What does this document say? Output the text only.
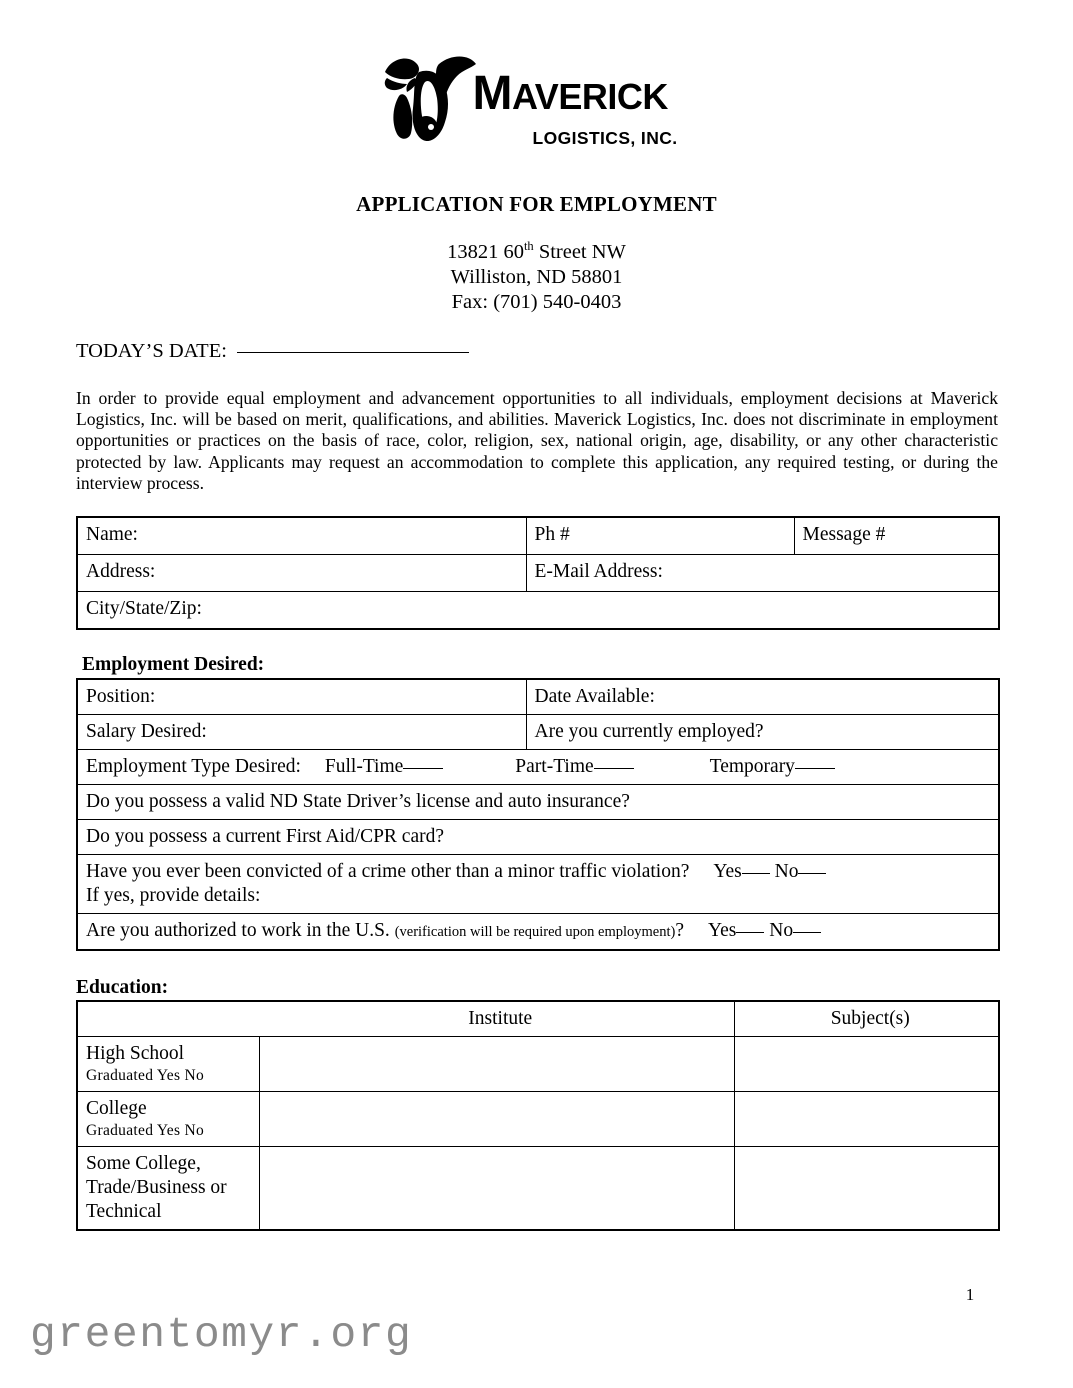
MAVERICK
LOGISTICS, INC.
APPLICATION FOR EMPLOYMENT
13821 60th Street NW
Williston, ND 58801
Fax: (701) 540-0403
TODAY’S DATE:
In order to provide equal employment and advancement opportunities to all individuals, employment decisions at Maverick Logistics, Inc. will be based on merit, qualifications, and abilities. Maverick Logistics, Inc. does not discriminate in employment opportunities or practices on the basis of race, color, religion, sex, national origin, age, disability, or any other characteristic protected by law. Applicants may request an accommodation to complete this application, any required testing, or during the interview process.
Name:	Ph #	Message #
Address:	E-Mail Address:	
City/State/Zip:		
Employment Desired:
Position:	Date Available:
Salary Desired:	Are you currently employed?
Employment Type Desired: Full-Time Part-Time Temporary	
Do you possess a valid ND State Driver’s license and auto insurance?	
Do you possess a current First Aid/CPR card?	
Have you ever been convicted of a crime other than a minor traffic violation? Yes No
If yes, provide details:	

Are you authorized to work in the U.S. (verification will be required upon employment)? Yes No	
Education:
	Institute	Subject(s)
High School
Graduated Yes No		

College
Graduated Yes No		

Some College,
Trade/Business or
Technical		

1
greentomyr.org
